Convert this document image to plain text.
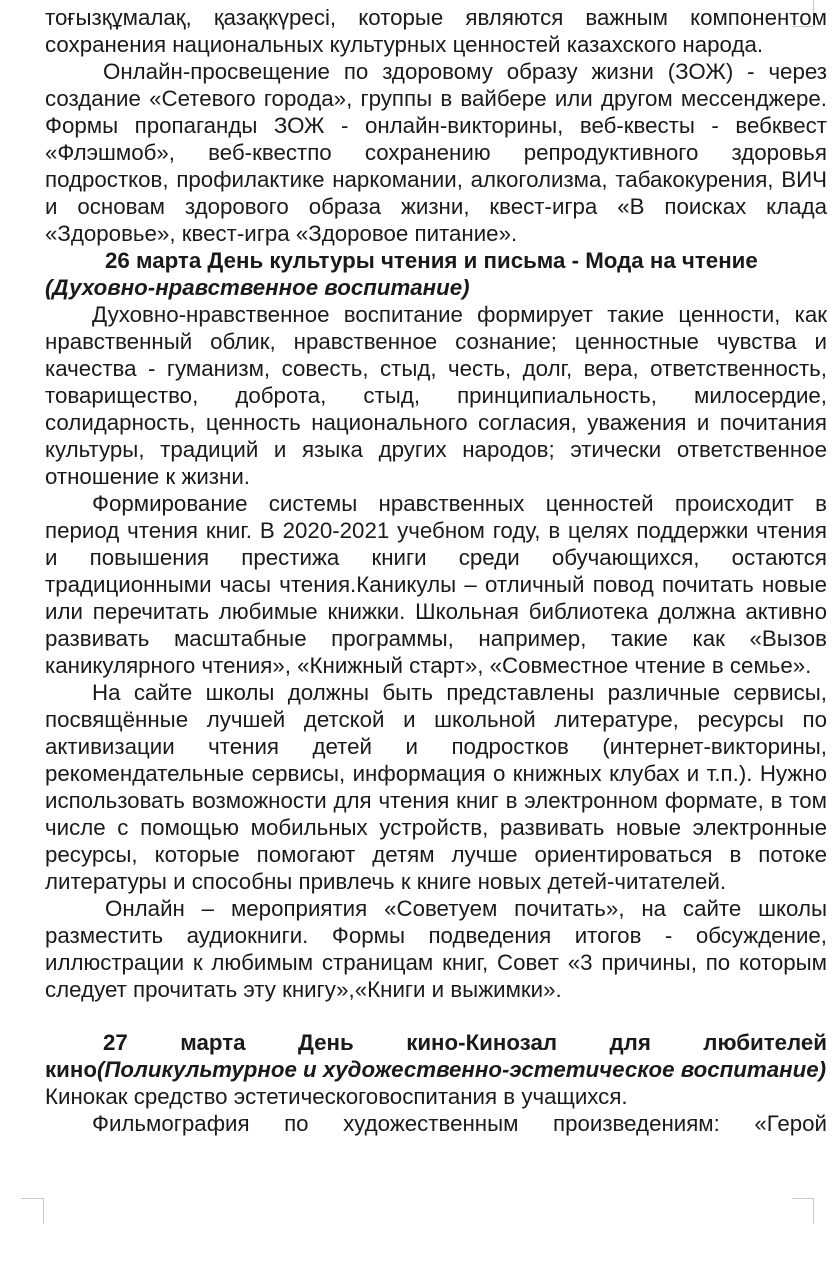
тоғызқұмалақ, қазақкүресі, которые являются важным компонентом сохранения национальных культурных ценностей казахского народа.

Онлайн-просвещение по здоровому образу жизни (ЗОЖ) - через создание «Сетевого города», группы в вайбере или другом мессенджере. Формы пропаганды ЗОЖ - онлайн-викторины, веб-квесты - вебквест «Флэшмоб», веб-квестпо сохранению репродуктивного здоровья подростков, профилактике наркомании, алкоголизма, табакокурения, ВИЧ и основам здорового образа жизни, квест-игра «В поисках клада «Здоровье», квест-игра «Здоровое питание».

26 марта День культуры чтения и письма - Мода на чтение
(Духовно-нравственное воспитание)

Духовно-нравственное воспитание формирует такие ценности, как нравственный облик, нравственное сознание; ценностные чувства и качества - гуманизм, совесть, стыд, честь, долг, вера, ответственность, товарищество, доброта, стыд, принципиальность, милосердие, солидарность, ценность национального согласия, уважения и почитания культуры, традиций и языка других народов; этически ответственное отношение к жизни.

Формирование системы нравственных ценностей происходит в период чтения книг. В 2020-2021 учебном году, в целях поддержки чтения и повышения престижа книги среди обучающихся, остаются традиционными часы чтения.Каникулы – отличный повод почитать новые или перечитать любимые книжки. Школьная библиотека должна активно развивать масштабные программы, например, такие как «Вызов каникулярного чтения», «Книжный старт», «Совместное чтение в семье».

На сайте школы должны быть представлены различные сервисы, посвящённые лучшей детской и школьной литературе, ресурсы по активизации чтения детей и подростков (интернет-викторины, рекомендательные сервисы, информация о книжных клубах и т.п.). Нужно использовать возможности для чтения книг в электронном формате, в том числе с помощью мобильных устройств, развивать новые электронные ресурсы, которые помогают детям лучше ориентироваться в потоке литературы и способны привлечь к книге новых детей-читателей.

Онлайн – мероприятия «Советуем почитать», на сайте школы разместить аудиокниги. Формы подведения итогов - обсуждение, иллюстрации к любимым страницам книг, Совет «3 причины, по которым следует прочитать эту книгу»,«Книги и выжимки».

27 марта День кино-Кинозал для любителей кино(Поликультурное и художественно-эстетическое воспитание)

Кинокак средство эстетическоговоспитания в учащихся.

Фильмография по художественным произведениям: «Герой
